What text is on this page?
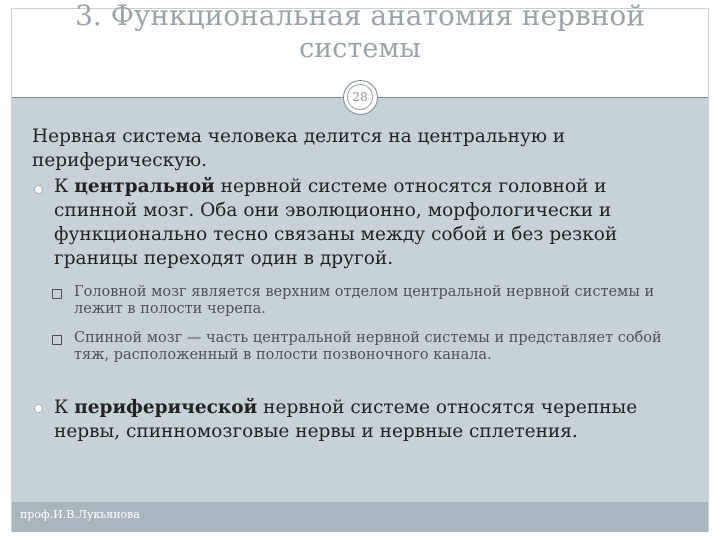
3. Функциональная анатомия нервной
системы
проф.И.В.Лукьянова
28

Нервная система человека делится на центральную и периферическую.

К центральной нервной системе относятся головной и спинной мозг. Оба они эволюционно, морфологически и функционально тесно связаны между собой и без резкой границы переходят один в другой.

Головной мозг является верхним отделом центральной нервной системы и лежит в полости черепа.

Спинной мозг — часть центральной нервной системы и представляет собой тяж, расположенный в полости позвоночного канала.

К периферической нервной системе относятся черепные нервы, спинномозговые нервы и нервные сплетения.
